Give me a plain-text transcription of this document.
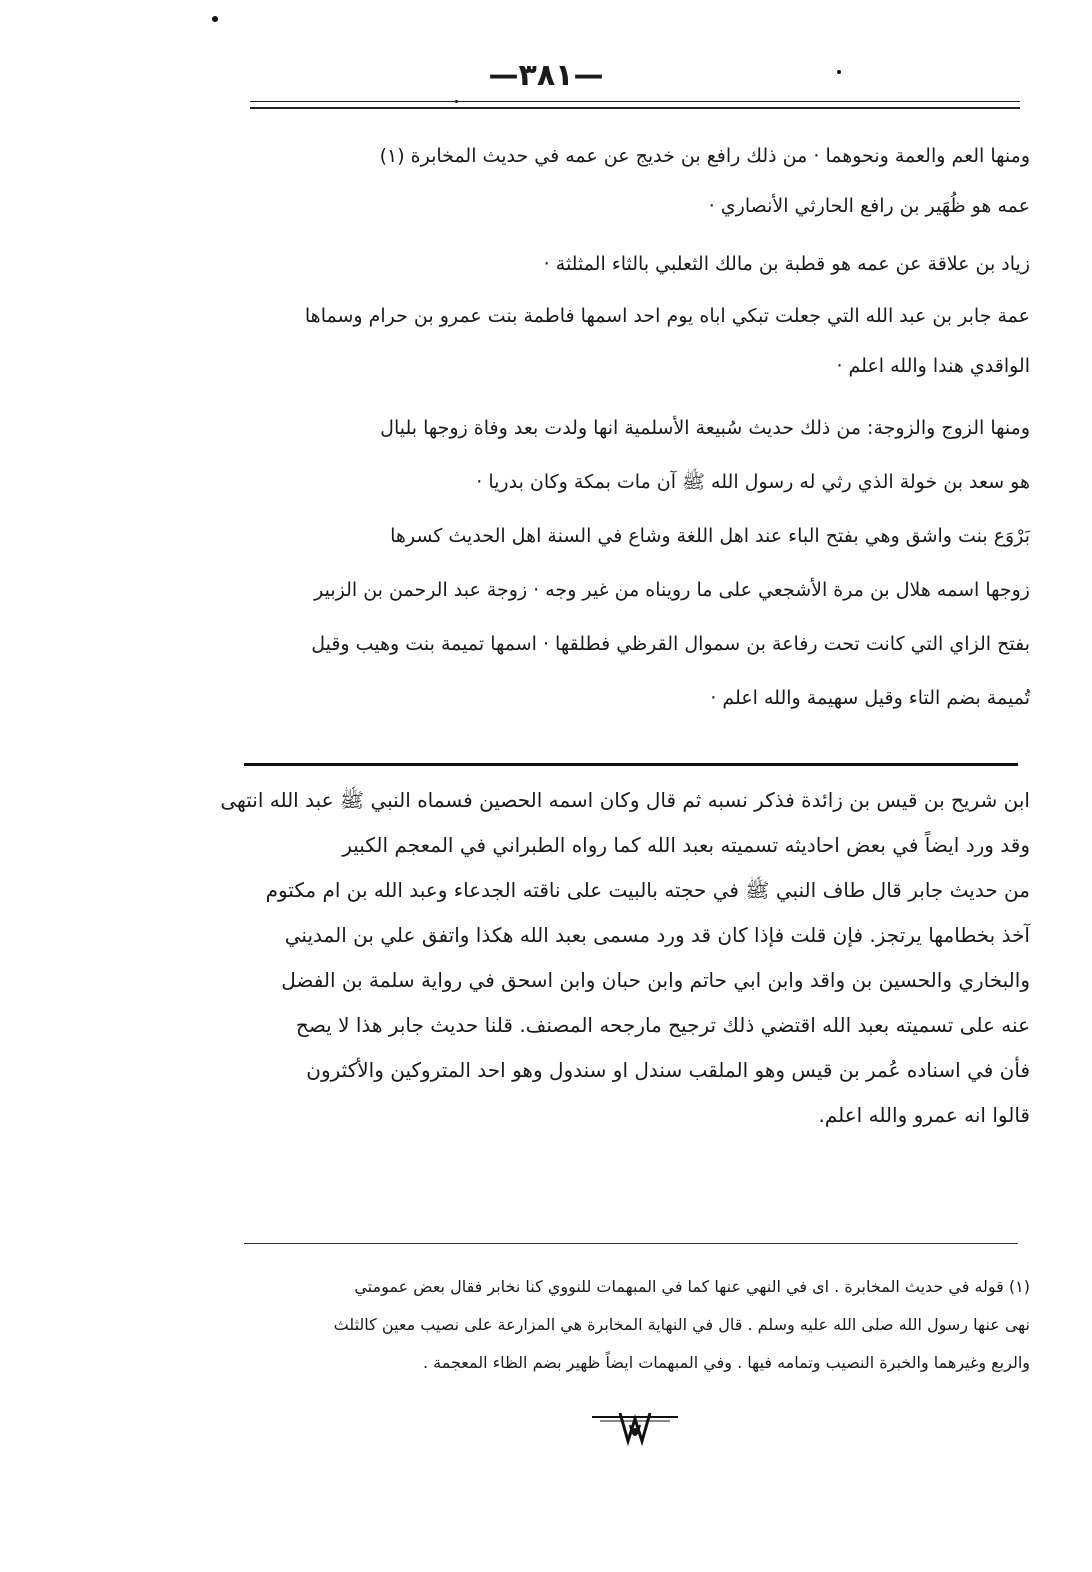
—٣٨١—
ومنها العم والعمة ونحوهما · من ذلك رافع بن خديج عن عمه في حديث المخابرة (١)
عمه هو ظُهَير بن رافع الحارثي الأنصاري ·
زياد بن علاقة عن عمه هو قطبة بن مالك الثعلبي بالثاء المثلثة ·
عمة جابر بن عبد الله التي جعلت تبكي اباه يوم احد اسمها فاطمة بنت عمرو بن حرام وسماها
الواقدي هندا والله اعلم ·
ومنها الزوج والزوجة: من ذلك حديث سُبيعة الأسلمية انها ولدت بعد وفاة زوجها بليال
هو سعد بن خولة الذي رثي له رسول الله ﷺ آن مات بمكة وكان بدريا ·
بَرْوَع بنت واشق وهي بفتح الباء عند اهل اللغة وشاع في السنة اهل الحديث كسرها
زوجها اسمه هلال بن مرة الأشجعي على ما رويناه من غير وجه · زوجة عبد الرحمن بن الزبير
بفتح الزاي التي كانت تحت رفاعة بن سموال القرظي فطلقها · اسمها تميمة بنت وهيب وقيل
تُميمة بضم التاء وقيل سهيمة والله اعلم ·
ابن شريح بن قيس بن زائدة فذكر نسبه ثم قال وكان اسمه الحصين فسماه النبي ﷺ عبد الله انتهى
وقد ورد ايضاً في بعض احاديثه تسميته بعبد الله كما رواه الطبراني في المعجم الكبير
من حديث جابر قال طاف النبي ﷺ في حجته بالبيت على ناقته الجدعاء وعبد الله بن ام مكتوم
آخذ بخطامها يرتجز. فإن قلت فإذا كان قد ورد مسمى بعبد الله هكذا واتفق علي بن المديني
والبخاري والحسين بن واقد وابن ابي حاتم وابن حبان وابن اسحق في رواية سلمة بن الفضل
عنه على تسميته بعبد الله اقتضي ذلك ترجيح مارجحه المصنف. قلنا حديث جابر هذا لا يصح
فأن في اسناده عُمر بن قيس وهو الملقب سندل او سندول وهو احد المتروكين والأكثرون
قالوا انه عمرو والله اعلم.
(١) قوله في حديث المخابرة . اى في النهي عنها كما في المبهمات للنووي كنا نخابر فقال بعض عمومتي
نهى عنها رسول الله صلى الله عليه وسلم . قال في النهاية المخابرة هي المزارعة على نصيب معين كالثلث
والربع وغيرهما والخبرة النصيب وتمامه فيها . وفي المبهمات ايضاً ظهير بضم الظاء المعجمة .
